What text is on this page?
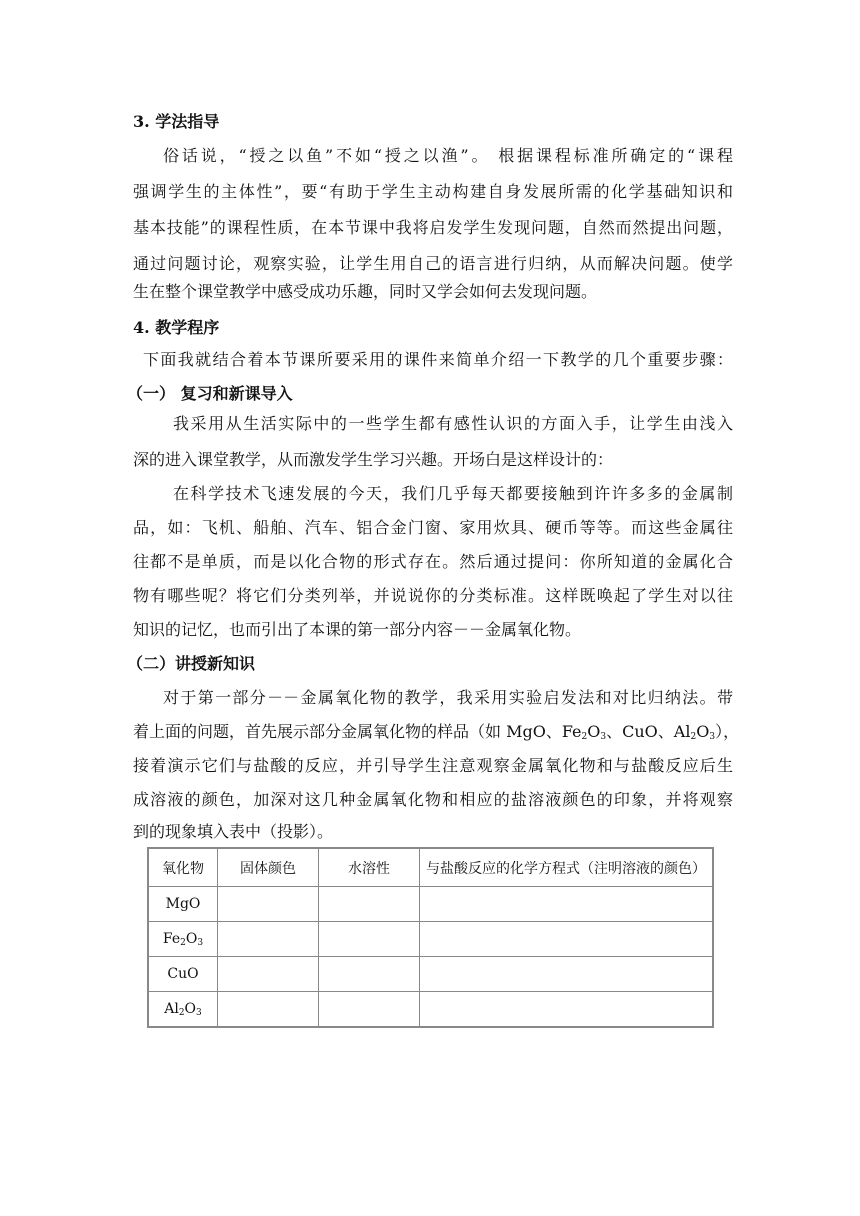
3. 学法指导
俗话说，“授之以鱼”不如“授之以渔”。 根据课程标准所确定的“课程
强调学生的主体性”，要“有助于学生主动构建自身发展所需的化学基础知识和
基本技能”的课程性质，在本节课中我将启发学生发现问题，自然而然提出问题，
通过问题讨论，观察实验，让学生用自己的语言进行归纳，从而解决问题。使学
生在整个课堂教学中感受成功乐趣，同时又学会如何去发现问题。
4. 教学程序
下面我就结合着本节课所要采用的课件来简单介绍一下教学的几个重要步骤：
（一） 复习和新课导入
我采用从生活实际中的一些学生都有感性认识的方面入手，让学生由浅入
深的进入课堂教学，从而激发学生学习兴趣。开场白是这样设计的：
在科学技术飞速发展的今天，我们几乎每天都要接触到许许多多的金属制
品，如：飞机、船舶、汽车、铝合金门窗、家用炊具、硬币等等。而这些金属往
往都不是单质，而是以化合物的形式存在。然后通过提问：你所知道的金属化合
物有哪些呢？将它们分类列举，并说说你的分类标准。这样既唤起了学生对以往
知识的记忆，也而引出了本课的第一部分内容－－金属氧化物。
（二）讲授新知识
对于第一部分－－金属氧化物的教学，我采用实验启发法和对比归纳法。带
着上面的问题，首先展示部分金属氧化物的样品（如 MgO、$Fe_2O_3$、CuO、$Al_2O_3$），
接着演示它们与盐酸的反应，并引导学生注意观察金属氧化物和与盐酸反应后生
成溶液的颜色，加深对这几种金属氧化物和相应的盐溶液颜色的印象，并将观察
到的现象填入表中（投影）。
氧化物	固体颜色	水溶性	与盐酸反应的化学方程式（注明溶液的颜色）
MgO			
$Fe_2O_3$			
CuO			
$Al_2O_3$			
